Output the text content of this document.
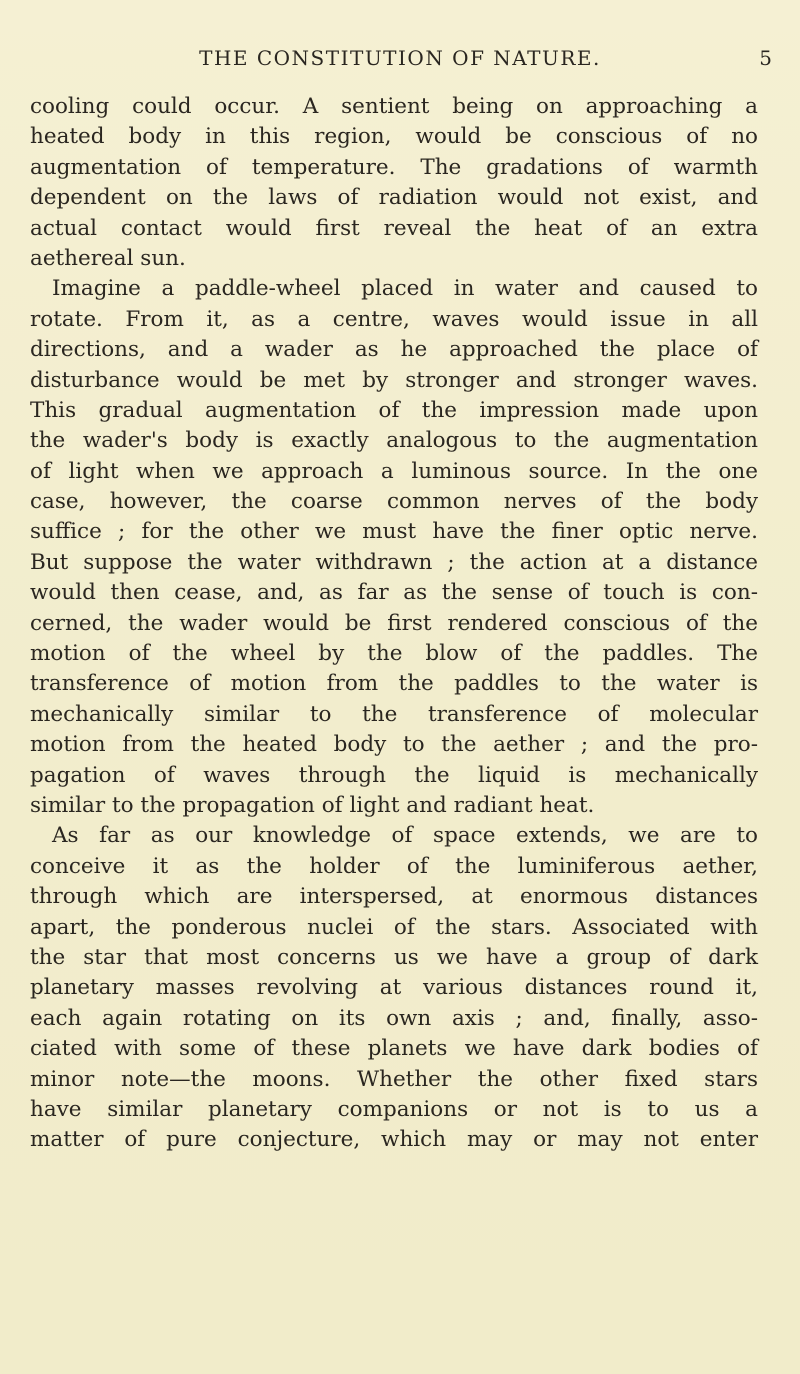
THE CONSTITUTION OF NATURE.	5
cooling could occur. A sentient being on approaching a
heated body in this region, would be conscious of no
augmentation of temperature. The gradations of warmth
dependent on the laws of radiation would not exist, and
actual contact would first reveal the heat of an extra
aethereal sun.
Imagine a paddle-wheel placed in water and caused to
rotate. From it, as a centre, waves would issue in all
directions, and a wader as he approached the place of
disturbance would be met by stronger and stronger waves.
This gradual augmentation of the impression made upon
the wader's body is exactly analogous to the augmentation
of light when we approach a luminous source. In the one
case, however, the coarse common nerves of the body
suffice ; for the other we must have the finer optic nerve.
But suppose the water withdrawn ; the action at a distance
would then cease, and, as far as the sense of touch is con-
cerned, the wader would be first rendered conscious of the
motion of the wheel by the blow of the paddles. The
transference of motion from the paddles to the water is
mechanically similar to the transference of molecular
motion from the heated body to the aether ; and the pro-
pagation of waves through the liquid is mechanically
similar to the propagation of light and radiant heat.
As far as our knowledge of space extends, we are to
conceive it as the holder of the luminiferous aether,
through which are interspersed, at enormous distances
apart, the ponderous nuclei of the stars. Associated with
the star that most concerns us we have a group of dark
planetary masses revolving at various distances round it,
each again rotating on its own axis ; and, finally, asso-
ciated with some of these planets we have dark bodies of
minor note—the moons. Whether the other fixed stars
have similar planetary companions or not is to us a
matter of pure conjecture, which may or may not enter
